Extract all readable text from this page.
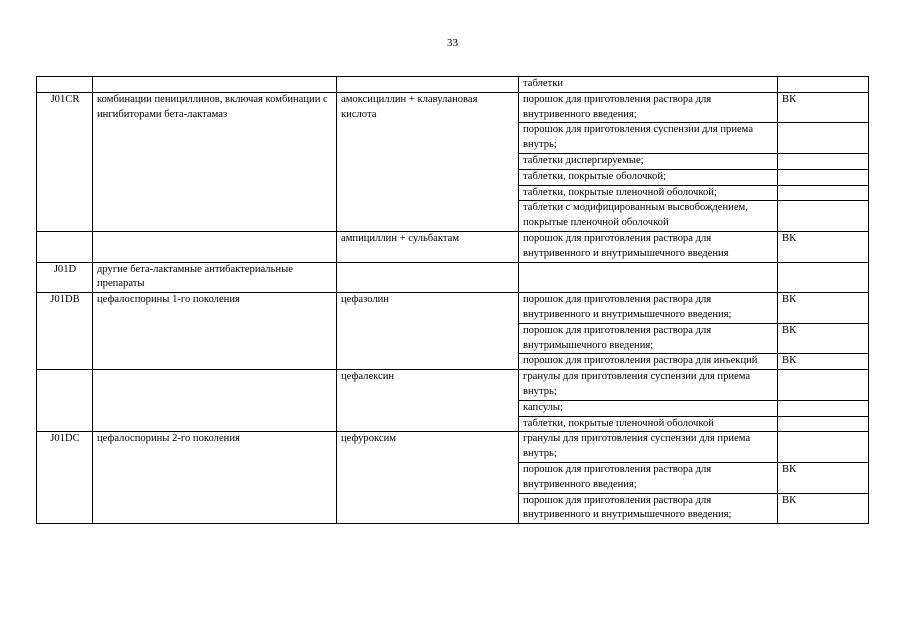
33
			таблетки	
J01CR	комбинации пенициллинов, включая комбинации с ингибиторами бета-лактамаз	амоксициллин + клавулановая кислота	порошок для приготовления раствора для внутривенного введения;	ВК
			порошок для приготовления суспензии для приема внутрь;	
			таблетки диспергируемые;	
			таблетки, покрытые оболочкой;	
			таблетки, покрытые пленочной оболочкой;	
			таблетки с модифицированным высвобождением, покрытые пленочной оболочкой	
		ампициллин + сульбактам	порошок для приготовления раствора для внутривенного и внутримышечного введения	ВК
J01D	другие бета-лактамные антибактериальные препараты			
J01DB	цефалоспорины 1-го поколения	цефазолин	порошок для приготовления раствора для внутривенного и внутримышечного введения;	ВК
			порошок для приготовления раствора для внутримышечного введения;	ВК
			порошок для приготовления раствора для инъекций	ВК
		цефалексин	гранулы для приготовления суспензии для приема внутрь;	
			капсулы;	
			таблетки, покрытые пленочной оболочкой	
J01DC	цефалоспорины 2-го поколения	цефуроксим	гранулы для приготовления суспензии для приема внутрь;	
			порошок для приготовления раствора для внутривенного введения;	ВК
			порошок для приготовления раствора для внутривенного и внутримышечного введения;	ВК
